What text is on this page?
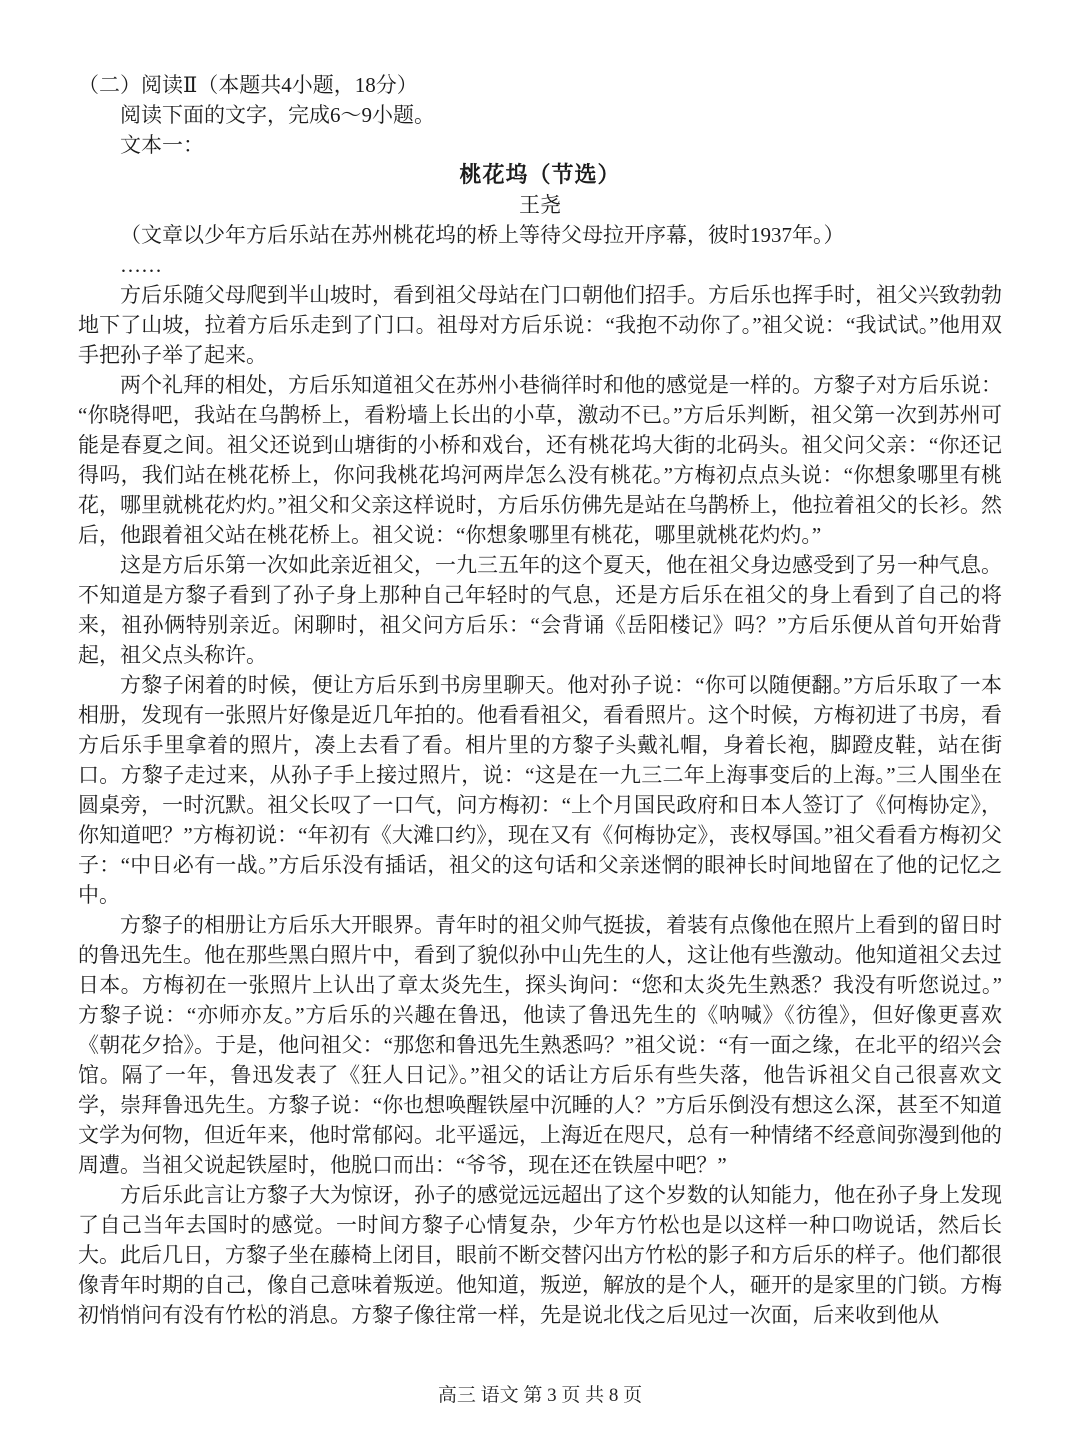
（二）阅读Ⅱ（本题共4小题，18分）

阅读下面的文字，完成6～9小题。

文本一：

桃花坞（节选）

王尧

（文章以少年方后乐站在苏州桃花坞的桥上等待父母拉开序幕，彼时1937年。）

……

方后乐随父母爬到半山坡时，看到祖父母站在门口朝他们招手。方后乐也挥手时，祖父兴致勃勃地下了山坡，拉着方后乐走到了门口。祖母对方后乐说：“我抱不动你了。”祖父说：“我试试。”他用双手把孙子举了起来。

两个礼拜的相处，方后乐知道祖父在苏州小巷徜徉时和他的感觉是一样的。方黎子对方后乐说：“你晓得吧，我站在乌鹊桥上，看粉墙上长出的小草，激动不已。”方后乐判断，祖父第一次到苏州可能是春夏之间。祖父还说到山塘街的小桥和戏台，还有桃花坞大街的北码头。祖父问父亲：“你还记得吗，我们站在桃花桥上，你问我桃花坞河两岸怎么没有桃花。”方梅初点点头说：“你想象哪里有桃花，哪里就桃花灼灼。”祖父和父亲这样说时，方后乐仿佛先是站在乌鹊桥上，他拉着祖父的长衫。然后，他跟着祖父站在桃花桥上。祖父说：“你想象哪里有桃花，哪里就桃花灼灼。”

这是方后乐第一次如此亲近祖父，一九三五年的这个夏天，他在祖父身边感受到了另一种气息。不知道是方黎子看到了孙子身上那种自己年轻时的气息，还是方后乐在祖父的身上看到了自己的将来，祖孙俩特别亲近。闲聊时，祖父问方后乐：“会背诵《岳阳楼记》吗？”方后乐便从首句开始背起，祖父点头称许。

方黎子闲着的时候，便让方后乐到书房里聊天。他对孙子说：“你可以随便翻。”方后乐取了一本相册，发现有一张照片好像是近几年拍的。他看看祖父，看看照片。这个时候，方梅初进了书房，看方后乐手里拿着的照片，凑上去看了看。相片里的方黎子头戴礼帽，身着长袍，脚蹬皮鞋，站在街口。方黎子走过来，从孙子手上接过照片，说：“这是在一九三二年上海事变后的上海。”三人围坐在圆桌旁，一时沉默。祖父长叹了一口气，问方梅初：“上个月国民政府和日本人签订了《何梅协定》，你知道吧？”方梅初说：“年初有《大滩口约》，现在又有《何梅协定》，丧权辱国。”祖父看看方梅初父子：“中日必有一战。”方后乐没有插话，祖父的这句话和父亲迷惘的眼神长时间地留在了他的记忆之中。

方黎子的相册让方后乐大开眼界。青年时的祖父帅气挺拔，着装有点像他在照片上看到的留日时的鲁迅先生。他在那些黑白照片中，看到了貌似孙中山先生的人，这让他有些激动。他知道祖父去过日本。方梅初在一张照片上认出了章太炎先生，探头询问：“您和太炎先生熟悉？我没有听您说过。”方黎子说：“亦师亦友。”方后乐的兴趣在鲁迅，他读了鲁迅先生的《呐喊》《彷徨》，但好像更喜欢《朝花夕拾》。于是，他问祖父：“那您和鲁迅先生熟悉吗？”祖父说：“有一面之缘，在北平的绍兴会馆。隔了一年，鲁迅发表了《狂人日记》。”祖父的话让方后乐有些失落，他告诉祖父自己很喜欢文学，崇拜鲁迅先生。方黎子说：“你也想唤醒铁屋中沉睡的人？”方后乐倒没有想这么深，甚至不知道文学为何物，但近年来，他时常郁闷。北平遥远，上海近在咫尺，总有一种情绪不经意间弥漫到他的周遭。当祖父说起铁屋时，他脱口而出：“爷爷，现在还在铁屋中吧？”

方后乐此言让方黎子大为惊讶，孙子的感觉远远超出了这个岁数的认知能力，他在孙子身上发现了自己当年去国时的感觉。一时间方黎子心情复杂，少年方竹松也是以这样一种口吻说话，然后长大。此后几日，方黎子坐在藤椅上闭目，眼前不断交替闪出方竹松的影子和方后乐的样子。他们都很像青年时期的自己，像自己意味着叛逆。他知道，叛逆，解放的是个人，砸开的是家里的门锁。方梅初悄悄问有没有竹松的消息。方黎子像往常一样，先是说北伐之后见过一次面，后来收到他从

高三 语文 第 3 页 共 8 页
